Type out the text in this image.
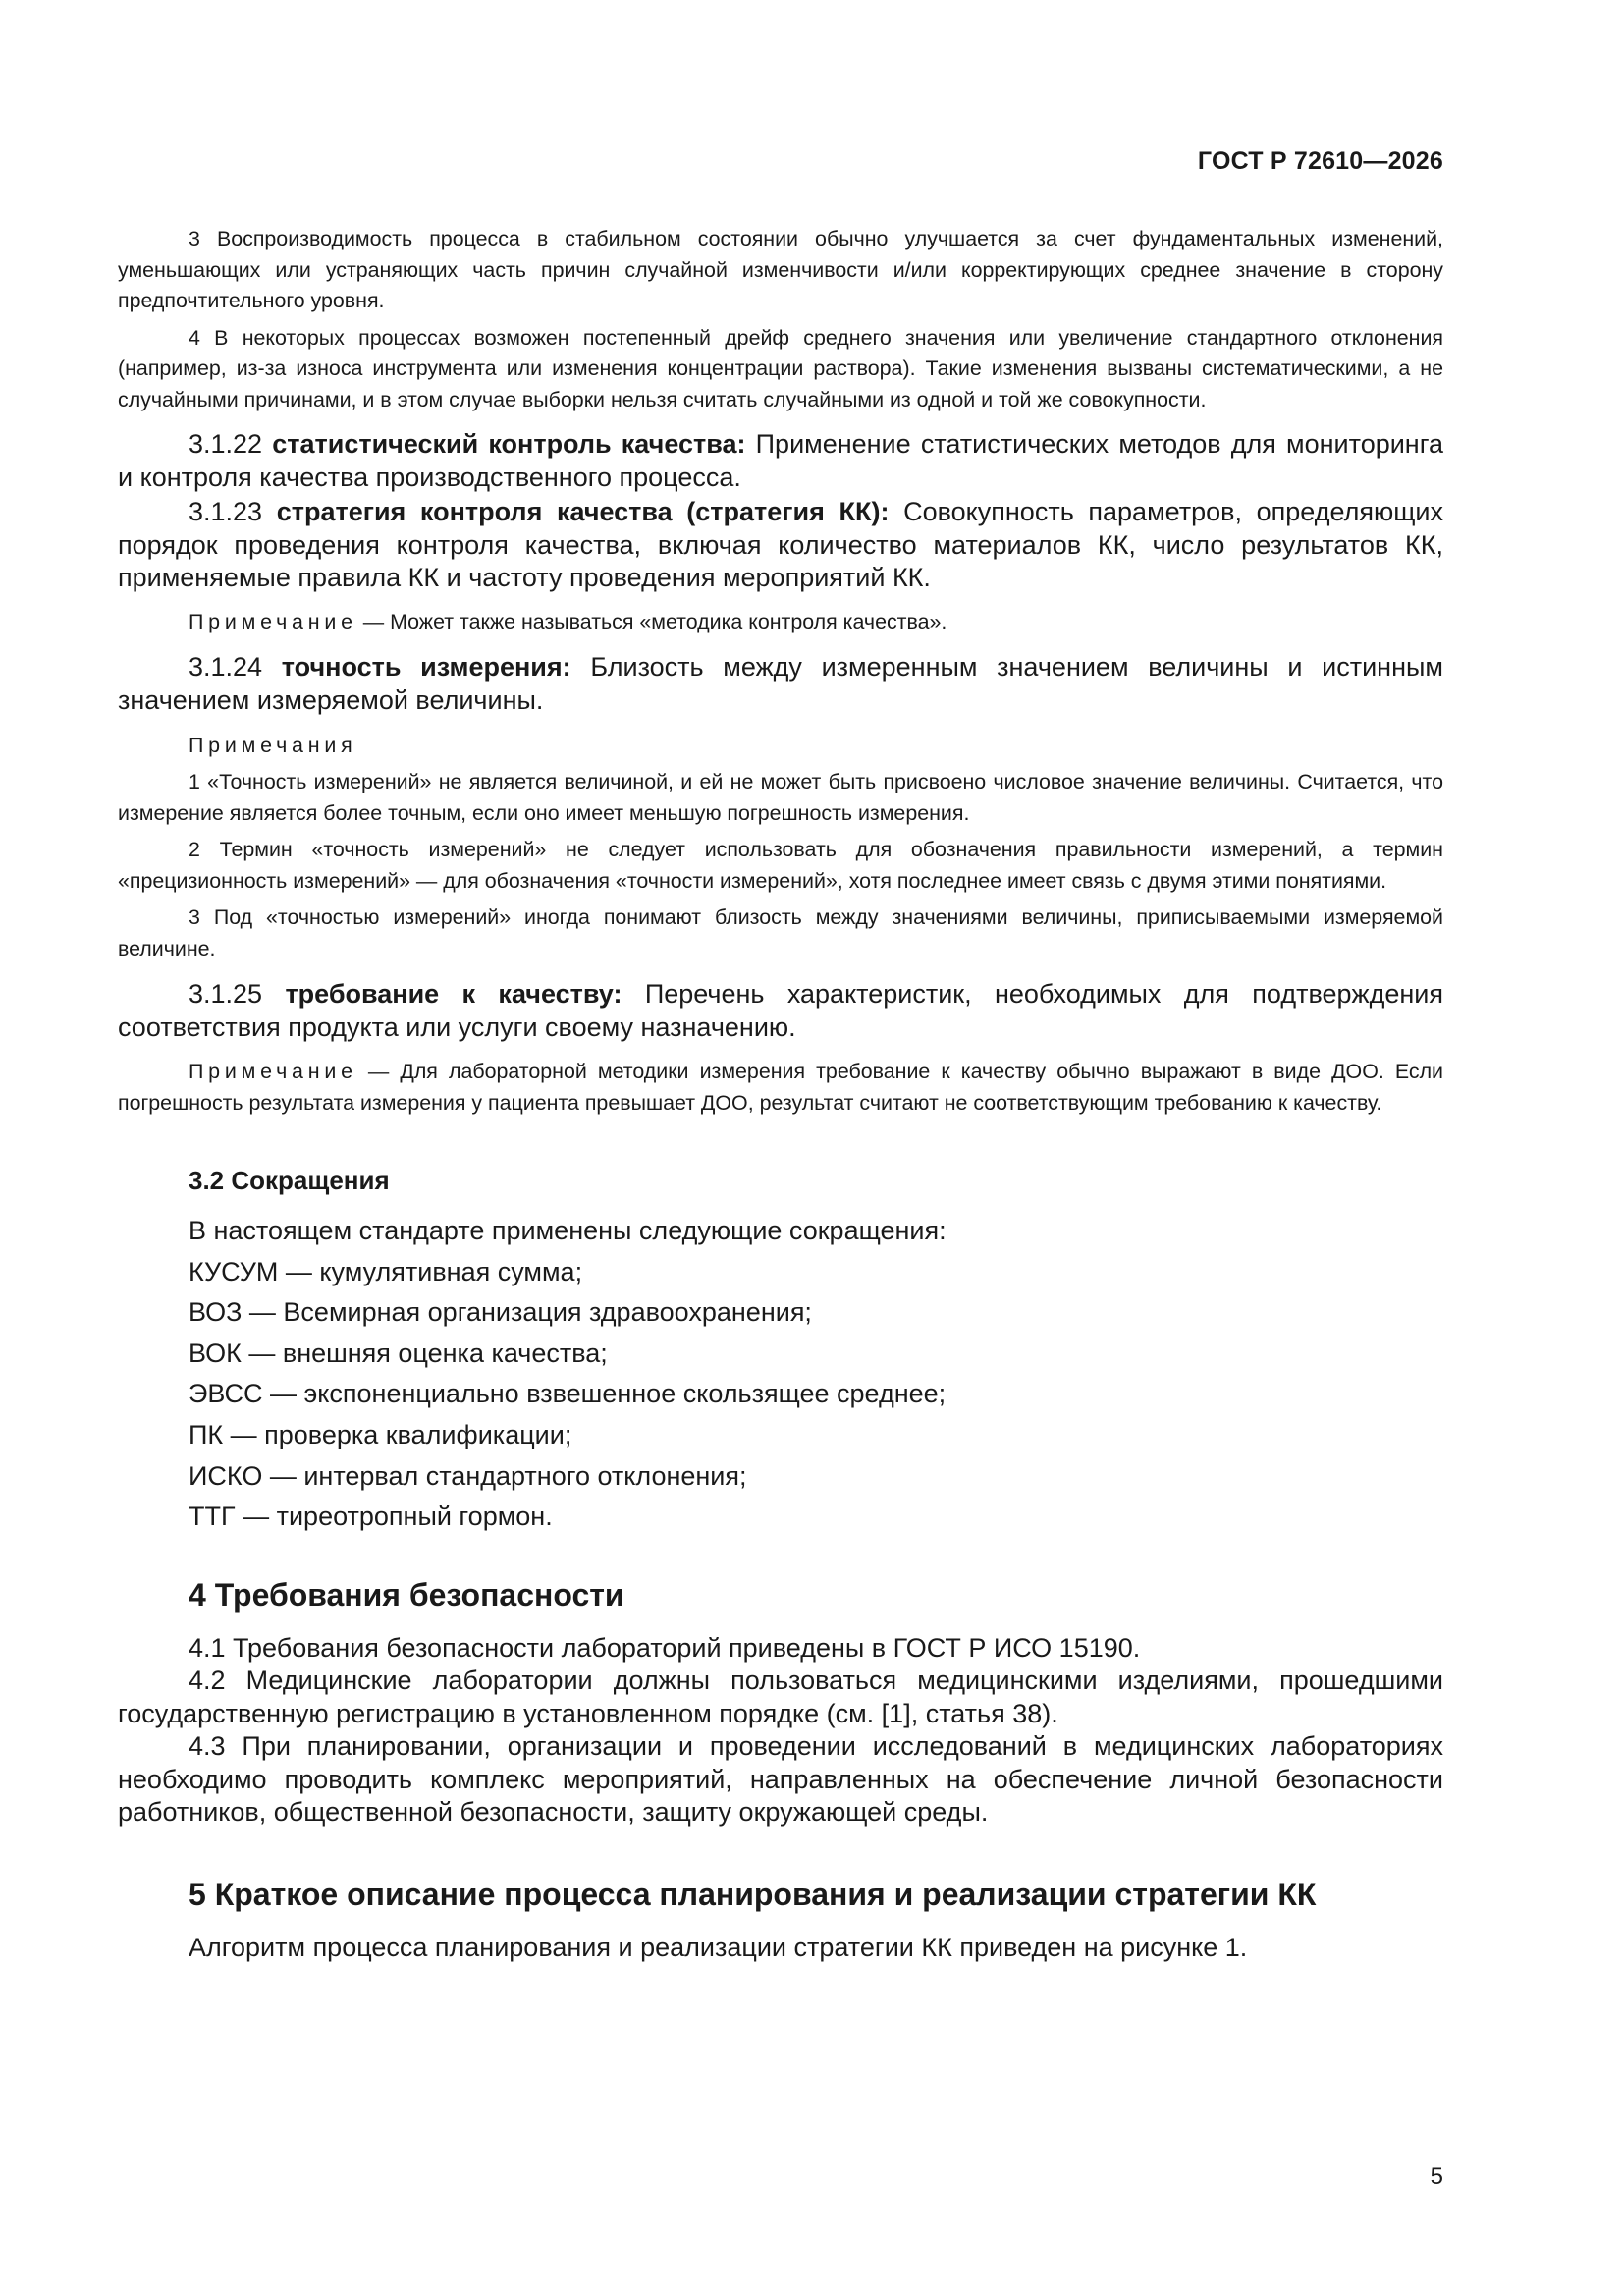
ГОСТ Р 72610—2026

3 Воспроизводимость процесса в стабильном состоянии обычно улучшается за счет фундаментальных изменений, уменьшающих или устраняющих часть причин случайной изменчивости и/или корректирующих среднее значение в сторону предпочтительного уровня.

4 В некоторых процессах возможен постепенный дрейф среднего значения или увеличение стандартного отклонения (например, из-за износа инструмента или изменения концентрации раствора). Такие изменения вызваны систематическими, а не случайными причинами, и в этом случае выборки нельзя считать случайными из одной и той же совокупности.

3.1.22 статистический контроль качества: Применение статистических методов для мониторинга и контроля качества производственного процесса.

3.1.23 стратегия контроля качества (стратегия КК): Совокупность параметров, определяющих порядок проведения контроля качества, включая количество материалов КК, число результатов КК, применяемые правила КК и частоту проведения мероприятий КК.

Примечание — Может также называться «методика контроля качества».

3.1.24 точность измерения: Близость между измеренным значением величины и истинным значением измеряемой величины.

Примечания

1 «Точность измерений» не является величиной, и ей не может быть присвоено числовое значение величины. Считается, что измерение является более точным, если оно имеет меньшую погрешность измерения.

2 Термин «точность измерений» не следует использовать для обозначения правильности измерений, а термин «прецизионность измерений» — для обозначения «точности измерений», хотя последнее имеет связь с двумя этими понятиями.

3 Под «точностью измерений» иногда понимают близость между значениями величины, приписываемыми измеряемой величине.

3.1.25 требование к качеству: Перечень характеристик, необходимых для подтверждения соответствия продукта или услуги своему назначению.

Примечание — Для лабораторной методики измерения требование к качеству обычно выражают в виде ДОО. Если погрешность результата измерения у пациента превышает ДОО, результат считают не соответствующим требованию к качеству.

3.2 Сокращения

В настоящем стандарте применены следующие сокращения:
КУСУМ — кумулятивная сумма;
ВОЗ — Всемирная организация здравоохранения;
ВОК — внешняя оценка качества;
ЭВСС — экспоненциально взвешенное скользящее среднее;
ПК — проверка квалификации;
ИСКО — интервал стандартного отклонения;
ТТГ — тиреотропный гормон.

4 Требования безопасности

4.1 Требования безопасности лабораторий приведены в ГОСТ Р ИСО 15190.

4.2 Медицинские лаборатории должны пользоваться медицинскими изделиями, прошедшими государственную регистрацию в установленном порядке (см. [1], статья 38).

4.3 При планировании, организации и проведении исследований в медицинских лабораториях необходимо проводить комплекс мероприятий, направленных на обеспечение личной безопасности работников, общественной безопасности, защиту окружающей среды.

5 Краткое описание процесса планирования и реализации стратегии КК

Алгоритм процесса планирования и реализации стратегии КК приведен на рисунке 1.

5
